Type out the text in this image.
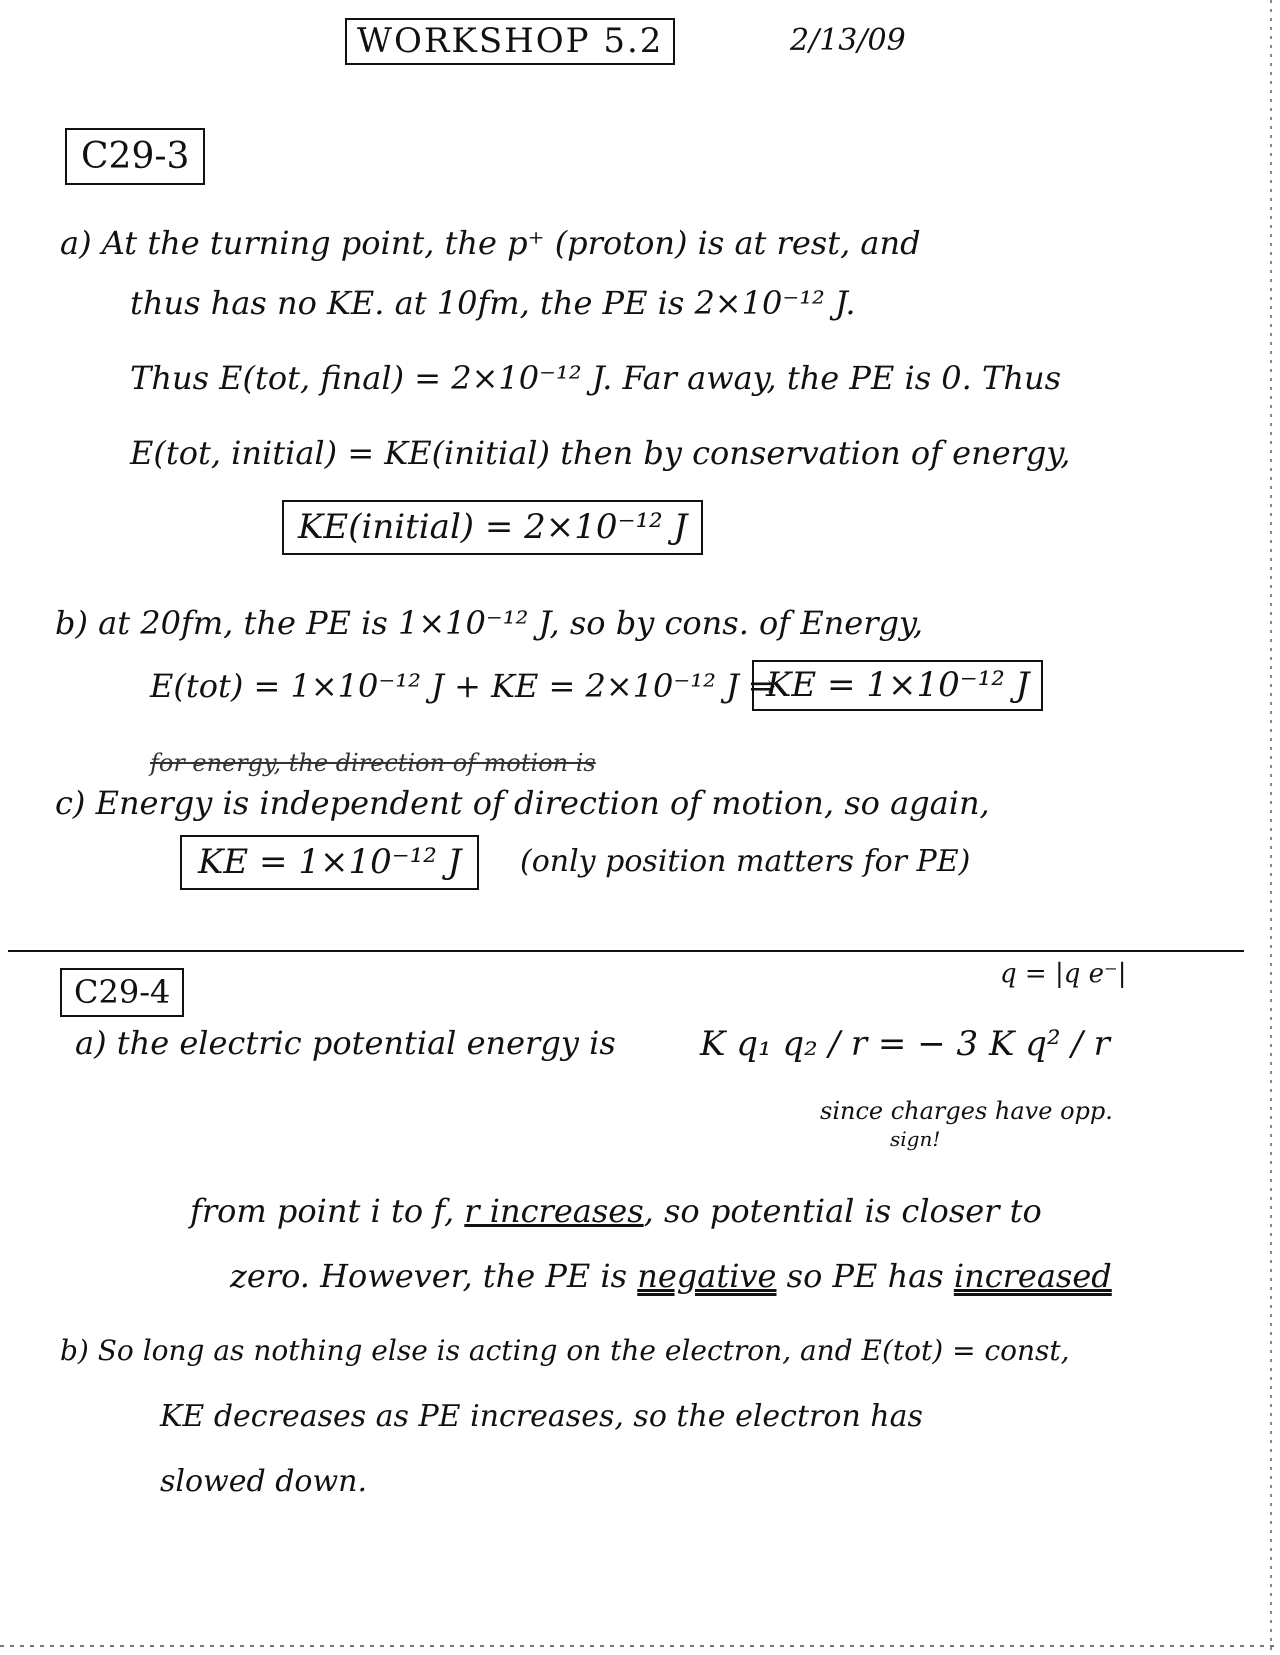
WORKSHOP 5.2	2/13/09
C29-3
a) At the turning point, the p⁺ (proton) is at rest, and
thus has no KE. at 10fm, the PE is 2×10⁻¹² J.
Thus E(tot, final) = 2×10⁻¹² J. Far away, the PE is 0. Thus
E(tot, initial) = KE(initial) then by conservation of energy,
KE(initial) = 2×10⁻¹² J
b) at 20fm, the PE is 1×10⁻¹² J, so by cons. of Energy,
E(tot) = 1×10⁻¹² J + KE = 2×10⁻¹² J ⇒
KE = 1×10⁻¹² J
for energy, the direction of motion is
c) Energy is independent of direction of motion, so again,
KE = 1×10⁻¹² J	(only position matters for PE)
C29-4	q = |q e⁻|
a) the electric potential energy is K q₁ q₂ / r = − 3 K q² / r
since charges have opp.
sign!
from point i to f, r increases, so potential is closer to
zero. However, the PE is negative so PE has increased
b) So long as nothing else is acting on the electron, and E(tot) = const,
KE decreases as PE increases, so the electron has
slowed down.
